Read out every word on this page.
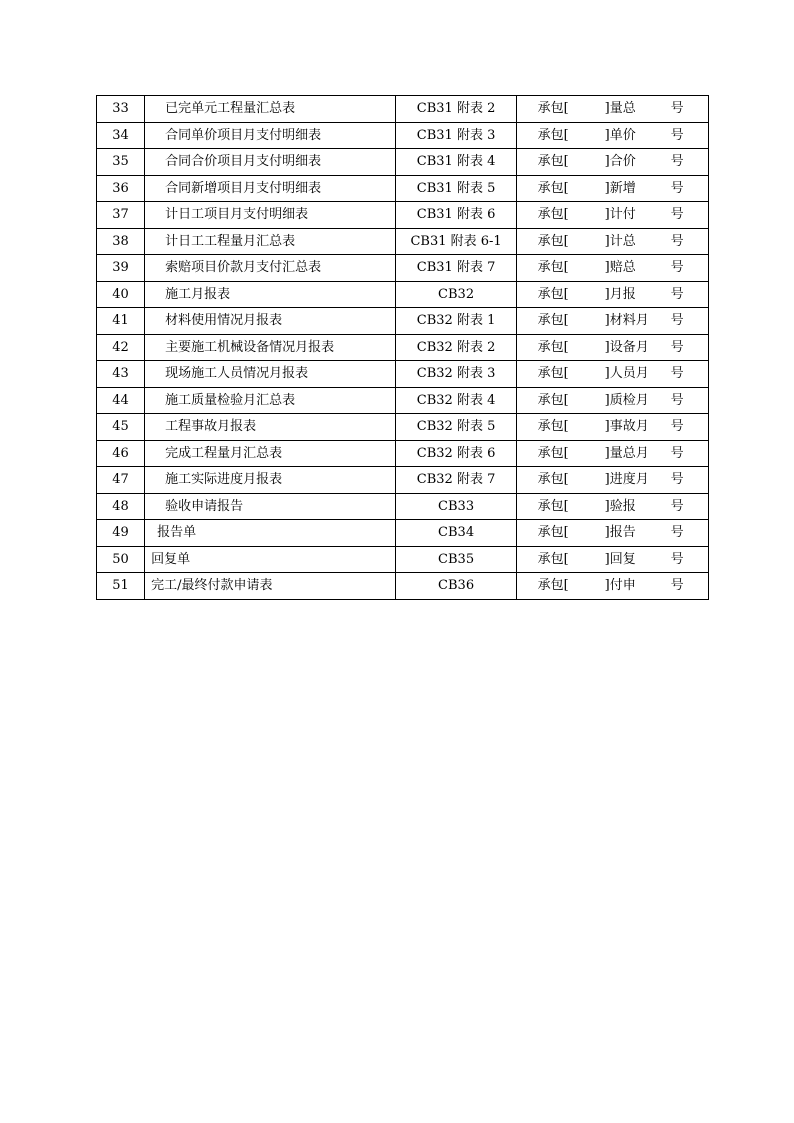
33	已完单元工程量汇总表	CB31 附表 2	承包[ ]量总 号

34	合同单价项目月支付明细表	CB31 附表 3	承包[ ]单价 号

35	合同合价项目月支付明细表	CB31 附表 4	承包[ ]合价 号

36	合同新增项目月支付明细表	CB31 附表 5	承包[ ]新增 号

37	计日工项目月支付明细表	CB31 附表 6	承包[ ]计付 号

38	计日工工程量月汇总表	CB31 附表 6-1	承包[ ]计总 号

39	索赔项目价款月支付汇总表	CB31 附表 7	承包[ ]赔总 号

40	施工月报表	CB32	承包[ ]月报 号

41	材料使用情况月报表	CB32 附表 1	承包[ ]材料月 号

42	主要施工机械设备情况月报表	CB32 附表 2	承包[ ]设备月 号

43	现场施工人员情况月报表	CB32 附表 3	承包[ ]人员月 号

44	施工质量检验月汇总表	CB32 附表 4	承包[ ]质检月 号

45	工程事故月报表	CB32 附表 5	承包[ ]事故月 号

46	完成工程量月汇总表	CB32 附表 6	承包[ ]量总月 号

47	施工实际进度月报表	CB32 附表 7	承包[ ]进度月 号

48	验收申请报告	CB33	承包[ ]验报 号

49	报告单	CB34	承包[ ]报告 号

50	回复单	CB35	承包[ ]回复 号

51	完工/最终付款申请表	CB36	承包[ ]付申 号
